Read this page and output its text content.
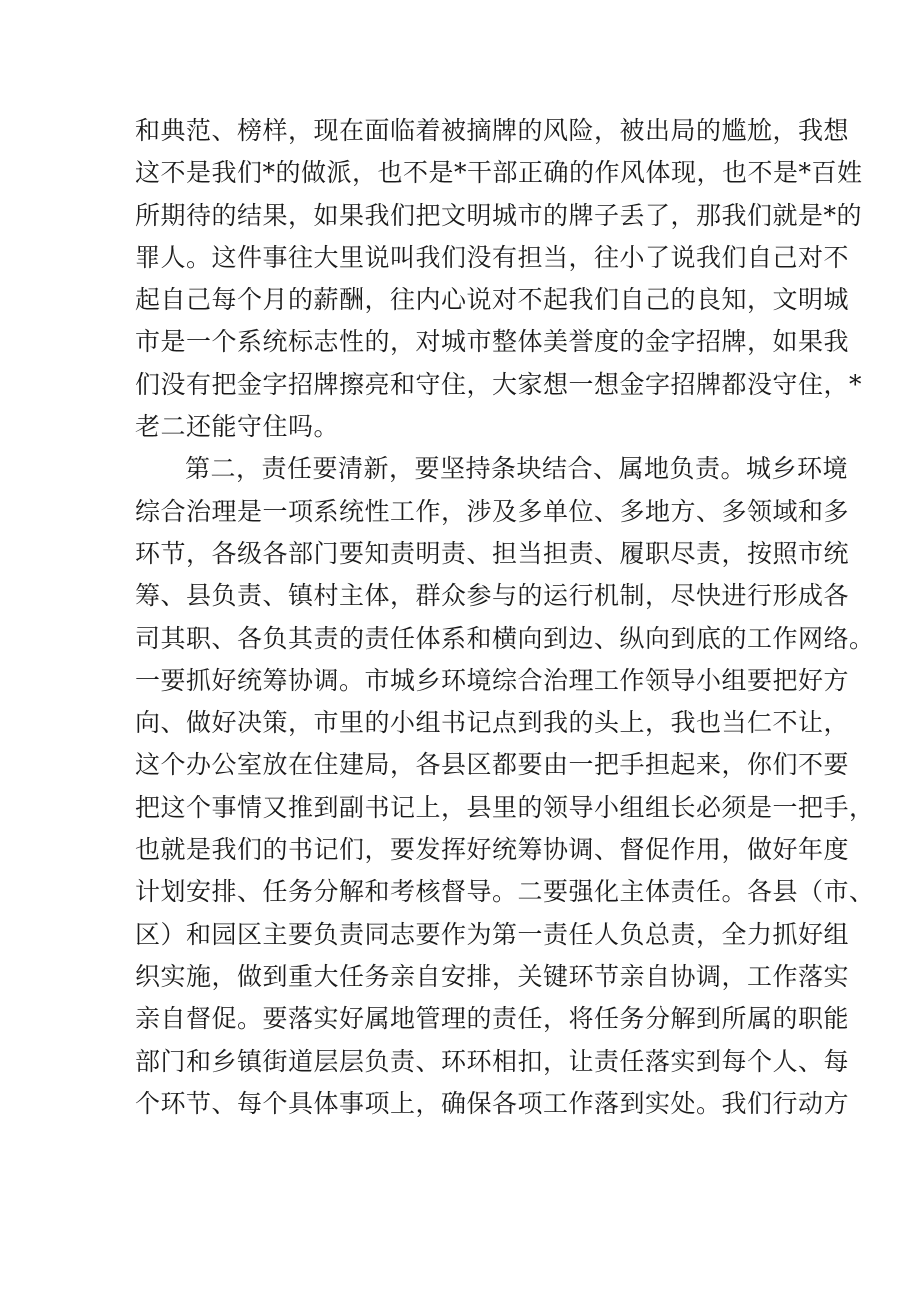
和典范、榜样，现在面临着被摘牌的风险，被出局的尴尬，我想
这不是我们*的做派，也不是*干部正确的作风体现，也不是*百姓
所期待的结果，如果我们把文明城市的牌子丢了，那我们就是*的
罪人。这件事往大里说叫我们没有担当，往小了说我们自己对不
起自己每个月的薪酬，往内心说对不起我们自己的良知，文明城
市是一个系统标志性的，对城市整体美誉度的金字招牌，如果我
们没有把金字招牌擦亮和守住，大家想一想金字招牌都没守住，*
老二还能守住吗。
第二，责任要清新，要坚持条块结合、属地负责。城乡环境
综合治理是一项系统性工作，涉及多单位、多地方、多领域和多
环节，各级各部门要知责明责、担当担责、履职尽责，按照市统
筹、县负责、镇村主体，群众参与的运行机制，尽快进行形成各
司其职、各负其责的责任体系和横向到边、纵向到底的工作网络。
一要抓好统筹协调。市城乡环境综合治理工作领导小组要把好方
向、做好决策，市里的小组书记点到我的头上，我也当仁不让，
这个办公室放在住建局，各县区都要由一把手担起来，你们不要
把这个事情又推到副书记上，县里的领导小组组长必须是一把手，
也就是我们的书记们，要发挥好统筹协调、督促作用，做好年度
计划安排、任务分解和考核督导。二要强化主体责任。各县（市、
区）和园区主要负责同志要作为第一责任人负总责，全力抓好组
织实施，做到重大任务亲自安排，关键环节亲自协调，工作落实
亲自督促。要落实好属地管理的责任，将任务分解到所属的职能
部门和乡镇街道层层负责、环环相扣，让责任落实到每个人、每
个环节、每个具体事项上，确保各项工作落到实处。我们行动方
